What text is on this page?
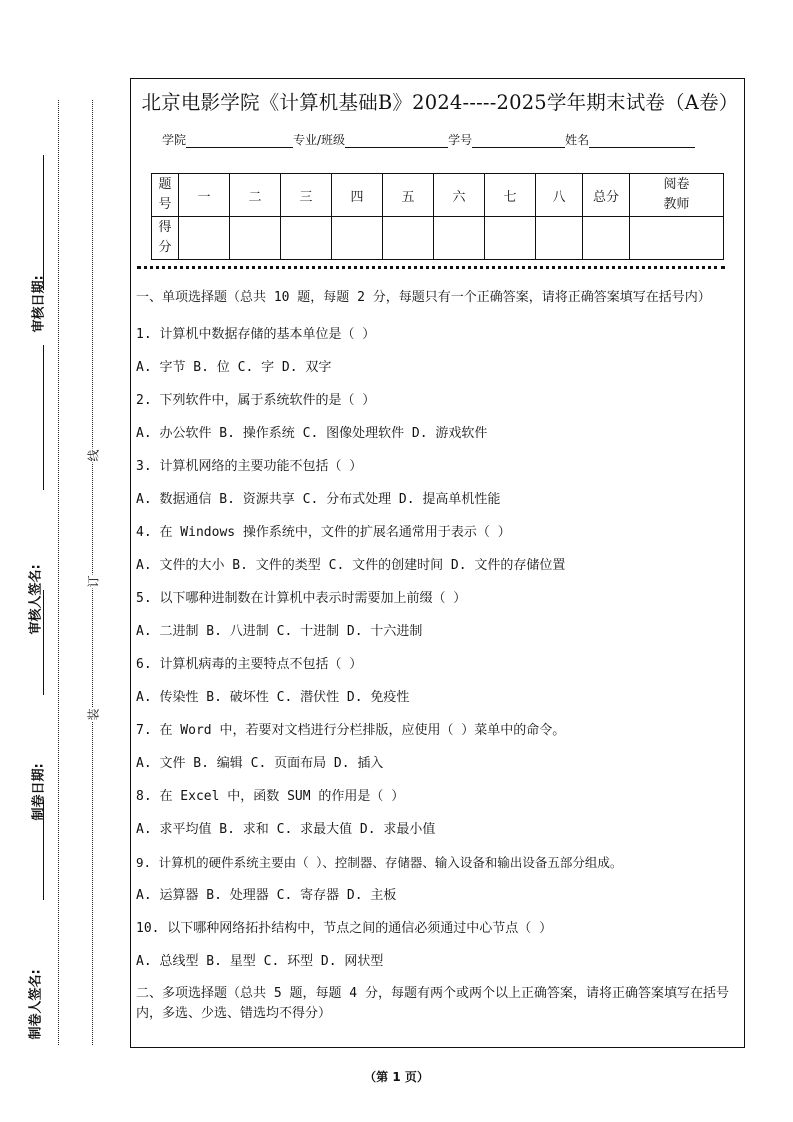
审核日期:
审核人签名:
制卷日期:
制卷人签名:
线
订
装
北京电影学院《计算机基础B》2024-----2025学年期末试卷（A卷）
学院	专业/班级	学号	姓名
题号	一	二	三	四	五	六	七	八	总分	阅卷教师
得分										

一、单项选择题（总共 10 题，每题 2 分，每题只有一个正确答案，请将正确答案填写在括号内）

1. 计算机中数据存储的基本单位是（ ）
A. 字节 B. 位 C. 字 D. 双字
2. 下列软件中，属于系统软件的是（ ）
A. 办公软件 B. 操作系统 C. 图像处理软件 D. 游戏软件
3. 计算机网络的主要功能不包括（ ）
A. 数据通信 B. 资源共享 C. 分布式处理 D. 提高单机性能
4. 在 Windows 操作系统中，文件的扩展名通常用于表示（ ）
A. 文件的大小 B. 文件的类型 C. 文件的创建时间 D. 文件的存储位置
5. 以下哪种进制数在计算机中表示时需要加上前缀（ ）
A. 二进制 B. 八进制 C. 十进制 D. 十六进制
6. 计算机病毒的主要特点不包括（ ）
A. 传染性 B. 破坏性 C. 潜伏性 D. 免疫性
7. 在 Word 中，若要对文档进行分栏排版，应使用（ ）菜单中的命令。
A. 文件 B. 编辑 C. 页面布局 D. 插入
8. 在 Excel 中，函数 SUM 的作用是（ ）
A. 求平均值 B. 求和 C. 求最大值 D. 求最小值
9. 计算机的硬件系统主要由（ ）、控制器、存储器、输入设备和输出设备五部分组成。
A. 运算器 B. 处理器 C. 寄存器 D. 主板
10. 以下哪种网络拓扑结构中，节点之间的通信必须通过中心节点（ ）
A. 总线型 B. 星型 C. 环型 D. 网状型

二、多项选择题（总共 5 题，每题 4 分，每题有两个或两个以上正确答案，请将正确答案填写在括号内，多选、少选、错选均不得分）

（第 1 页）
